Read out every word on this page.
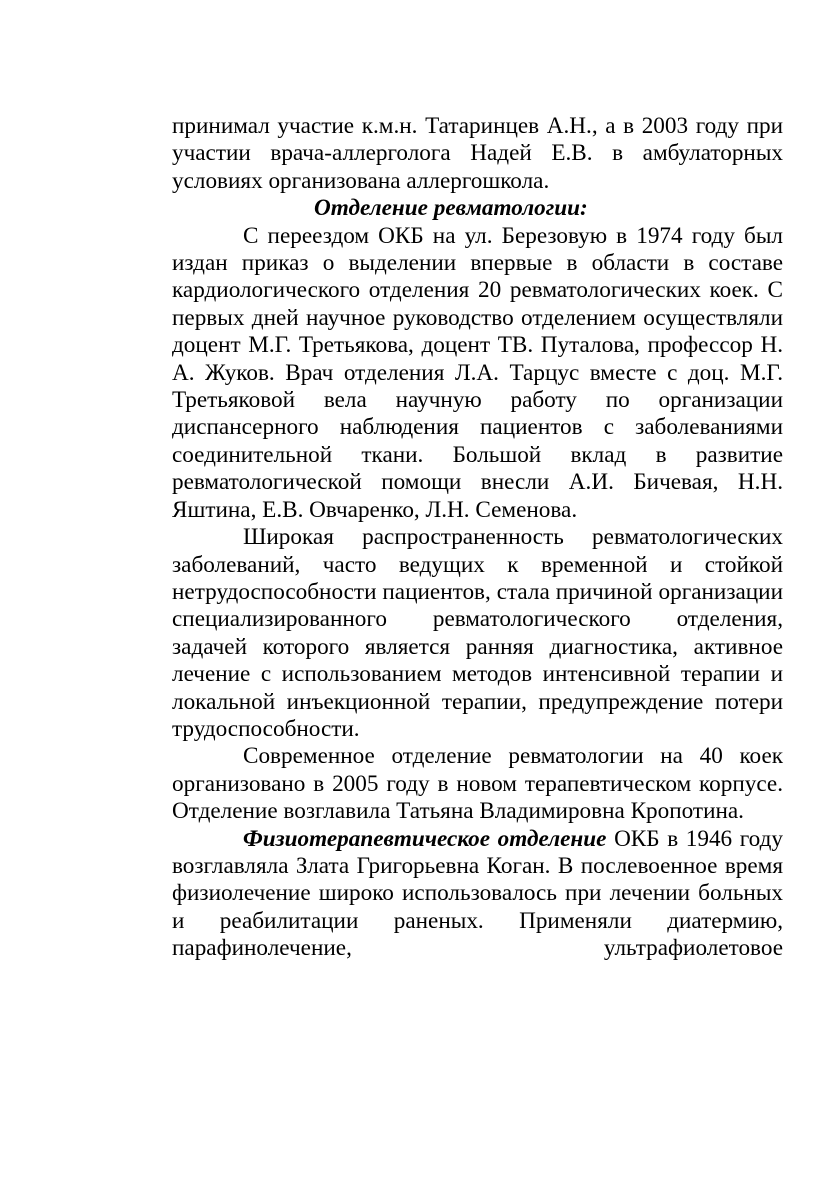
принимал участие к.м.н. Татаринцев А.Н., а в 2003 году при участии врача-аллерголога Надей Е.В. в амбулаторных условиях организована аллергошкола.

Отделение ревматологии:

С переездом ОКБ на ул. Березовую в 1974 году был издан приказ о выделении впервые в области в составе кардиологического отделения 20 ревматологических коек. С первых дней научное руководство отделением осуществляли доцент М.Г. Третьякова, доцент ТВ. Путалова, профессор Н. А. Жуков. Врач отделения Л.А. Тарцус вместе с доц. М.Г. Третьяковой вела научную работу по организации диспансерного наблюдения пациентов с заболеваниями соединительной ткани. Большой вклад в развитие ревматологической помощи внесли А.И. Бичевая, Н.Н. Яштина, Е.В. Овчаренко, Л.Н. Семенова.

Широкая распространенность ревматологических заболеваний, часто ведущих к временной и стойкой нетрудоспособности пациентов, стала причиной организации специализированного ревматологического отделения, задачей которого является ранняя диагностика, активное лечение с использованием методов интенсивной терапии и локальной инъекционной терапии, предупреждение потери трудоспособности.

Современное отделение ревматологии на 40 коек организовано в 2005 году в новом терапевтическом корпусе. Отделение возглавила Татьяна Владимировна Кропотина.

Физиотерапевтическое отделение ОКБ в 1946 году возглавляла Злата Григорьевна Коган. В послевоенное время физиолечение широко использовалось при лечении больных и реабилитации раненых. Применяли диатермию, парафинолечение, ультрафиолетовое
